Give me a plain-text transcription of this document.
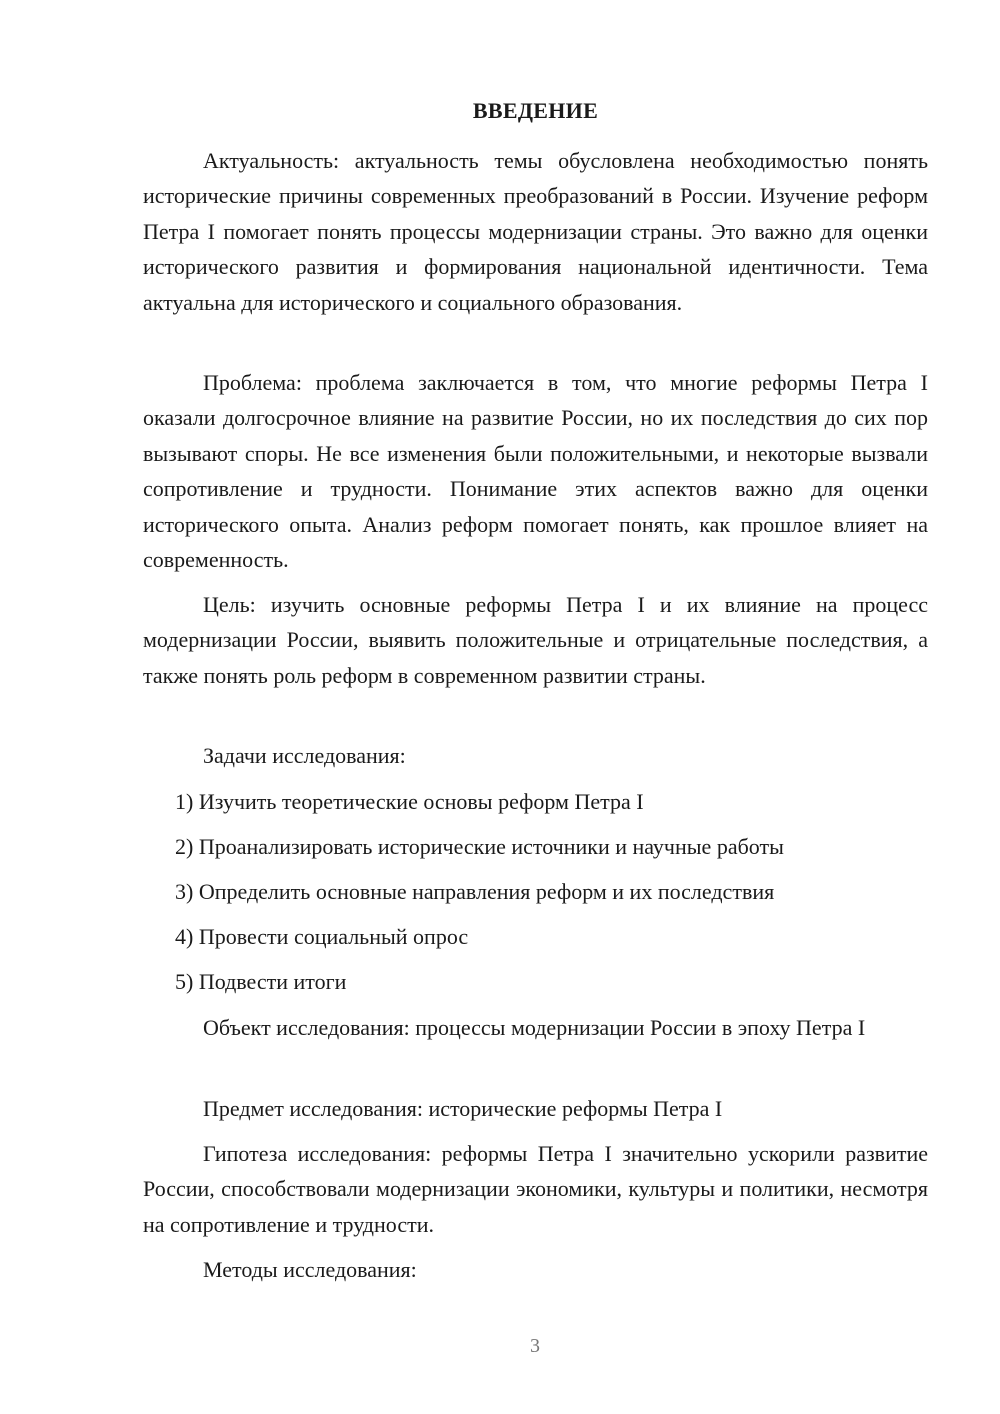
ВВЕДЕНИЕ

Актуальность: актуальность темы обусловлена необходимостью понять исторические причины современных преобразований в России. Изучение реформ Петра I помогает понять процессы модернизации страны. Это важно для оценки исторического развития и формирования национальной идентичности. Тема актуальна для исторического и социального образования.

Проблема: проблема заключается в том, что многие реформы Петра I оказали долгосрочное влияние на развитие России, но их последствия до сих пор вызывают споры. Не все изменения были положительными, и некоторые вызвали сопротивление и трудности. Понимание этих аспектов важно для оценки исторического опыта. Анализ реформ помогает понять, как прошлое влияет на современность.

Цель: изучить основные реформы Петра I и их влияние на процесс модернизации России, выявить положительные и отрицательные последствия, а также понять роль реформ в современном развитии страны.

Задачи исследования:

1) Изучить теоретические основы реформ Петра I

2) Проанализировать исторические источники и научные работы

3) Определить основные направления реформ и их последствия

4) Провести социальный опрос

5) Подвести итоги

Объект исследования: процессы модернизации России в эпоху Петра I

Предмет исследования: исторические реформы Петра I

Гипотеза исследования: реформы Петра I значительно ускорили развитие России, способствовали модернизации экономики, культуры и политики, несмотря на сопротивление и трудности.

Методы исследования:

3
